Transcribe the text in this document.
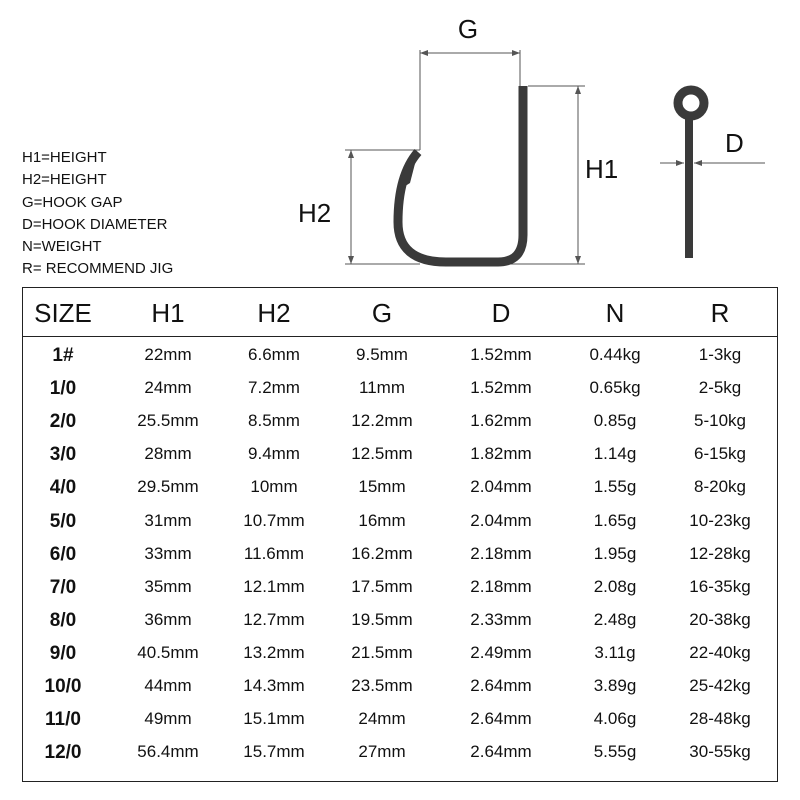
G
H1
H2
D
H1=HEIGHT
H2=HEIGHT
G=HOOK GAP
D=HOOK DIAMETER
N=WEIGHT
R= RECOMMEND JIG
SIZE H1	H2	G	D	N	R
1#	22mm	6.6mm	9.5mm	1.52mm	0.44kg	1-3kg
1/0	24mm	7.2mm	11mm	1.52mm	0.65kg	2-5kg
2/0	25.5mm	8.5mm	12.2mm	1.62mm	0.85g	5-10kg
3/0	28mm	9.4mm	12.5mm	1.82mm	1.14g	6-15kg
4/0	29.5mm	10mm	15mm	2.04mm	1.55g	8-20kg
5/0	31mm	10.7mm	16mm	2.04mm	1.65g	10-23kg
6/0	33mm	11.6mm	16.2mm	2.18mm	1.95g	12-28kg
7/0	35mm	12.1mm	17.5mm	2.18mm	2.08g	16-35kg
8/0	36mm	12.7mm	19.5mm	2.33mm	2.48g	20-38kg
9/0	40.5mm	13.2mm	21.5mm	2.49mm	3.11g	22-40kg
10/0	44mm	14.3mm	23.5mm	2.64mm	3.89g	25-42kg
11/0	49mm	15.1mm	24mm	2.64mm	4.06g	28-48kg
12/0	56.4mm	15.7mm	27mm	2.64mm	5.55g	30-55kg
